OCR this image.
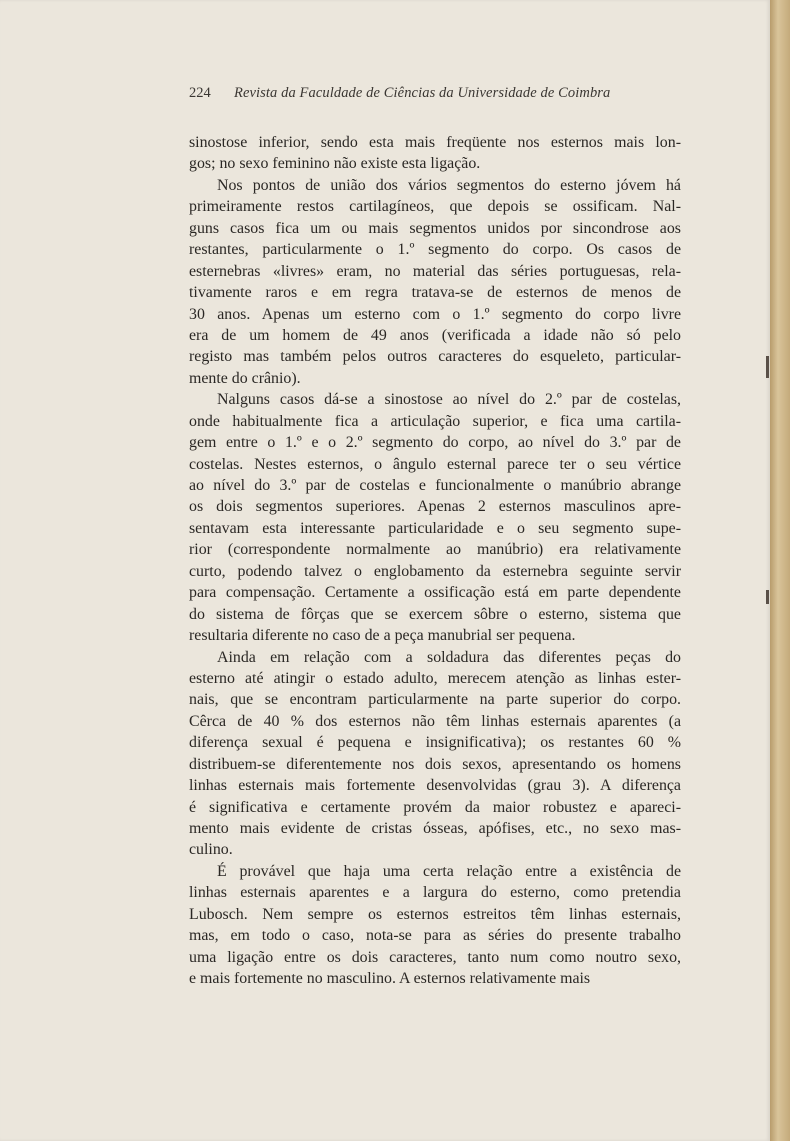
224 Revista da Faculdade de Ciências da Universidade de Coimbra
sinostose inferior, sendo esta mais freqüente nos esternos mais lon-
gos; no sexo feminino não existe esta ligação.
Nos pontos de união dos vários segmentos do esterno jóvem há
primeiramente restos cartilagíneos, que depois se ossificam. Nal-
guns casos fica um ou mais segmentos unidos por sincondrose aos
restantes, particularmente o 1.º segmento do corpo. Os casos de
esternebras «livres» eram, no material das séries portuguesas, rela-
tivamente raros e em regra tratava-se de esternos de menos de
30 anos. Apenas um esterno com o 1.º segmento do corpo livre
era de um homem de 49 anos (verificada a idade não só pelo
registo mas também pelos outros caracteres do esqueleto, particular-
mente do crânio).
Nalguns casos dá-se a sinostose ao nível do 2.º par de costelas,
onde habitualmente fica a articulação superior, e fica uma cartila-
gem entre o 1.º e o 2.º segmento do corpo, ao nível do 3.º par de
costelas. Nestes esternos, o ângulo esternal parece ter o seu vértice
ao nível do 3.º par de costelas e funcionalmente o manúbrio abrange
os dois segmentos superiores. Apenas 2 esternos masculinos apre-
sentavam esta interessante particularidade e o seu segmento supe-
rior (correspondente normalmente ao manúbrio) era relativamente
curto, podendo talvez o englobamento da esternebra seguinte servir
para compensação. Certamente a ossificação está em parte dependente
do sistema de fôrças que se exercem sôbre o esterno, sistema que
resultaria diferente no caso de a peça manubrial ser pequena.
Ainda em relação com a soldadura das diferentes peças do
esterno até atingir o estado adulto, merecem atenção as linhas ester-
nais, que se encontram particularmente na parte superior do corpo.
Cêrca de 40 % dos esternos não têm linhas esternais aparentes (a
diferença sexual é pequena e insignificativa); os restantes 60 %
distribuem-se diferentemente nos dois sexos, apresentando os homens
linhas esternais mais fortemente desenvolvidas (grau 3). A diferença
é significativa e certamente provém da maior robustez e apareci-
mento mais evidente de cristas ósseas, apófises, etc., no sexo mas-
culino.
É provável que haja uma certa relação entre a existência de
linhas esternais aparentes e a largura do esterno, como pretendia
Lubosch. Nem sempre os esternos estreitos têm linhas esternais,
mas, em todo o caso, nota-se para as séries do presente trabalho
uma ligação entre os dois caracteres, tanto num como noutro sexo,
e mais fortemente no masculino. A esternos relativamente mais
